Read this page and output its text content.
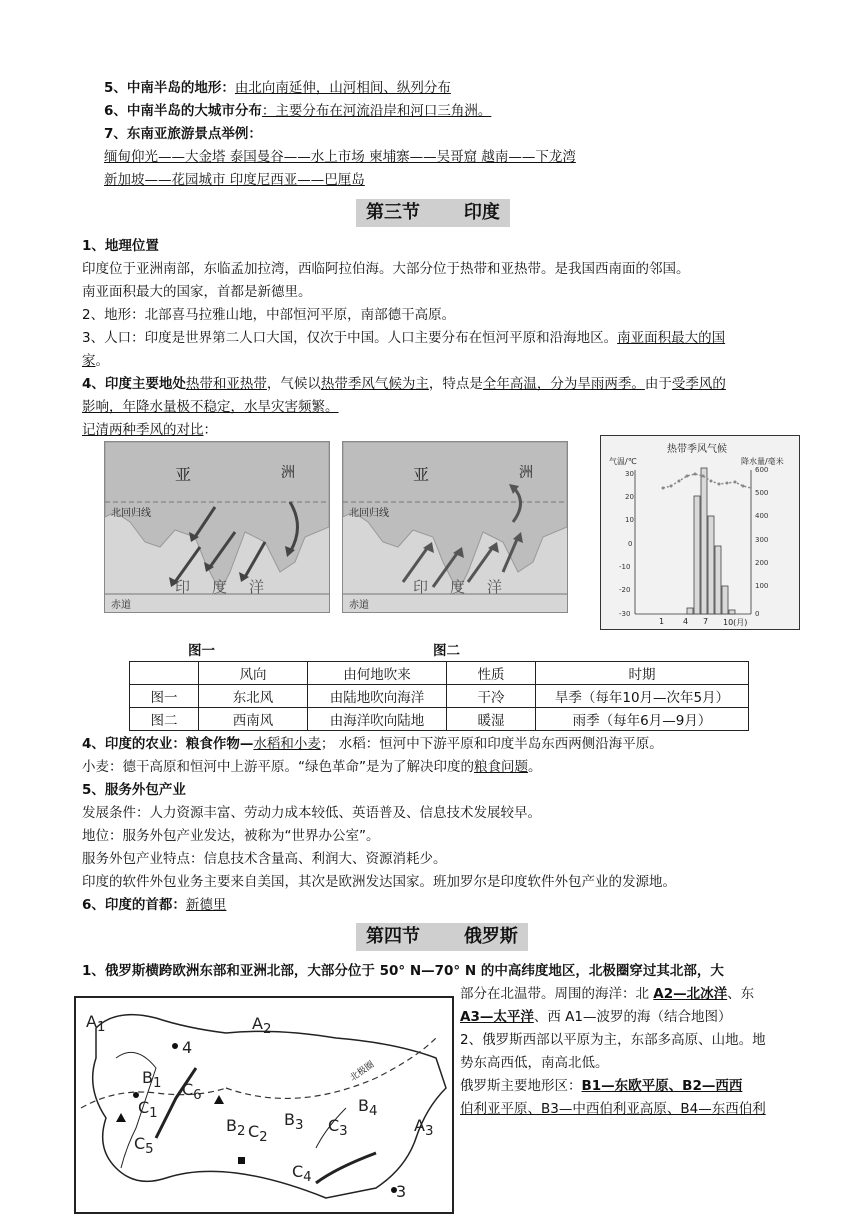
5、中南半岛的地形：由北向南延伸，山河相间、纵列分布
6、中南半岛的大城市分布：主要分布在河流沿岸和河口三角洲。
7、东南亚旅游景点举例：
缅甸仰光——大金塔 泰国曼谷——水上市场 柬埔寨——吴哥窟 越南——下龙湾
新加坡——花园城市 印度尼西亚——巴厘岛
第三节       印度
1、地理位置
印度位于亚洲南部，东临孟加拉湾，西临阿拉伯海。大部分位于热带和亚热带。是我国西南面的邻国。
南亚面积最大的国家，首都是新德里。
2、地形：北部喜马拉雅山地，中部恒河平原，南部德干高原。
3、人口：印度是世界第二人口大国，仅次于中国。人口主要分布在恒河平原和沿海地区。南亚面积最大的国
家。
4、印度主要地处热带和亚热带，气候以热带季风气候为主，特点是全年高温，分为旱雨两季。由于受季风的
影响，年降水量极不稳定，水旱灾害频繁。
记清两种季风的对比：
亚	洲
北回归线
印度洋
赤道
亚	洲
北回归线
印度洋
赤道
热带季风气候
气温/℃	降水量/毫米
30
20
10
0
-10
-20
-30
600
500
400
300
200
100
0
1 4 7 10(月)
图一	图二
	风向	由何地吹来	性质	时期
图一	东北风	由陆地吹向海洋	干冷	旱季（每年10月—次年5月）
图二	西南风	由海洋吹向陆地	暖湿	雨季（每年6月—9月）
4、印度的农业：粮食作物—水稻和小麦； 水稻：恒河中下游平原和印度半岛东西两侧沿海平原。
小麦：德干高原和恒河中上游平原。“绿色革命”是为了解决印度的粮食问题。
5、服务外包产业
发展条件：人力资源丰富、劳动力成本较低、英语普及、信息技术发展较早。
地位：服务外包产业发达，被称为“世界办公室”。
服务外包产业特点：信息技术含量高、利润大、资源消耗少。
印度的软件外包业务主要来自美国，其次是欧洲发达国家。班加罗尔是印度软件外包产业的发源地。
6、印度的首都：新德里
第四节       俄罗斯
1、俄罗斯横跨欧洲东部和亚洲北部，大部分位于 50° N—70° N 的中高纬度地区，北极圈穿过其北部，大
部分在北温带。周围的海洋：北 A2—北冰洋、东
A3—太平洋、西 A1—波罗的海（结合地图）
2、俄罗斯西部以平原为主，东部多高原、山地。地
势东高西低，南高北低。
俄罗斯主要地形区：B1—东欧平原、B2—西西
伯利亚平原、B3—中西伯利亚高原、B4—东西伯利
$A_1$	$A_2$
$A_3$
$B_1$
$B_2$
$B_3$
$B_4$
$C_1$
$C_2$
$C_3$
$C_4$
$C_5$
$C_6$
3
4
北极圈
